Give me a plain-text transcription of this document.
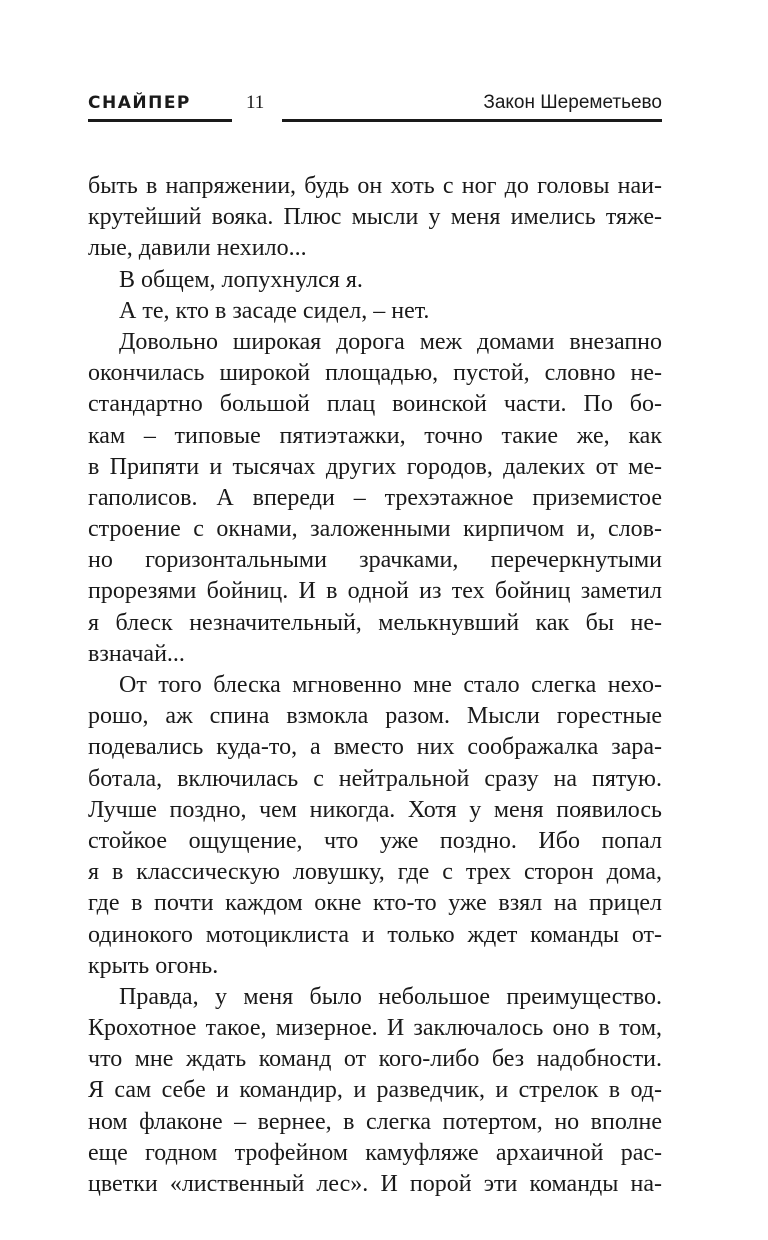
СНАЙПЕР	11	Закон Шереметьево
быть в напряжении, будь он хоть с ног до головы наи-
крутейший вояка. Плюс мысли у меня имелись тяже-
лые, давили нехило...
В общем, лопухнулся я.
А те, кто в засаде сидел, – нет.
Довольно широкая дорога меж домами внезапно
окончилась широкой площадью, пустой, словно не-
стандартно большой плац воинской части. По бо-
кам – типовые пятиэтажки, точно такие же, как
в Припяти и тысячах других городов, далеких от ме-
гаполисов. А впереди – трехэтажное приземистое
строение с окнами, заложенными кирпичом и, слов-
но горизонтальными зрачками, перечеркнутыми
прорезями бойниц. И в одной из тех бойниц заметил
я блеск незначительный, мелькнувший как бы не-
взначай...
От того блеска мгновенно мне стало слегка нехо-
рошо, аж спина взмокла разом. Мысли горестные
подевались куда-то, а вместо них соображалка зара-
ботала, включилась с нейтральной сразу на пятую.
Лучше поздно, чем никогда. Хотя у меня появилось
стойкое ощущение, что уже поздно. Ибо попал
я в классическую ловушку, где с трех сторон дома,
где в почти каждом окне кто-то уже взял на прицел
одинокого мотоциклиста и только ждет команды от-
крыть огонь.
Правда, у меня было небольшое преимущество.
Крохотное такое, мизерное. И заключалось оно в том,
что мне ждать команд от кого-либо без надобности.
Я сам себе и командир, и разведчик, и стрелок в од-
ном флаконе – вернее, в слегка потертом, но вполне
еще годном трофейном камуфляже архаичной рас-
цветки «лиственный лес». И порой эти команды на-
